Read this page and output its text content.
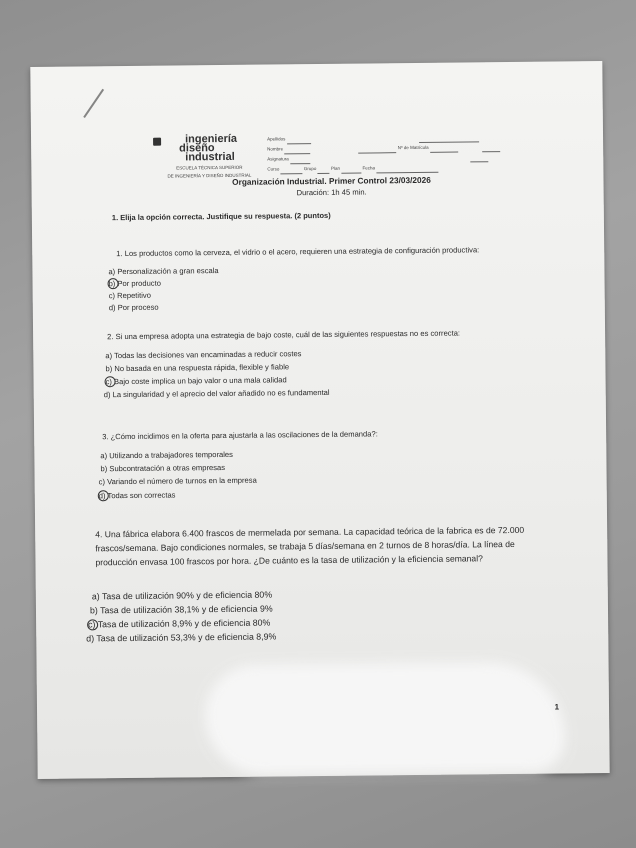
ingeniería
diseño
industrial
ESCUELA TÉCNICA SUPERIOR
DE INGENIERÍA Y DISEÑO INDUSTRIAL
Apellidos
Nombre	Nº de Matrícula
Asignatura
Curso	Grupo	Plan	Fecha
Organización Industrial. Primer Control 23/03/2026
Duración: 1h 45 min.
1. Elija la opción correcta. Justifique su respuesta. (2 puntos)
1. Los productos como la cerveza, el vidrio o el acero, requieren una estrategia de configuración productiva:
a) Personalización a gran escala
b) Por producto
c) Repetitivo
d) Por proceso
2. Si una empresa adopta una estrategia de bajo coste, cuál de las siguientes respuestas no es correcta:
a) Todas las decisiones van encaminadas a reducir costes
b) No basada en una respuesta rápida, flexible y fiable
c) Bajo coste implica un bajo valor o una mala calidad
d) La singularidad y el aprecio del valor añadido no es fundamental
3. ¿Cómo incidimos en la oferta para ajustarla a las oscilaciones de la demanda?:
a) Utilizando a trabajadores temporales
b) Subcontratación a otras empresas
c) Variando el número de turnos en la empresa
d) Todas son correctas
4. Una fábrica elabora 6.400 frascos de mermelada por semana. La capacidad teórica de la fabrica es de 72.000 frascos/semana. Bajo condiciones normales, se trabaja 5 días/semana en 2 turnos de 8 horas/día. La línea de producción envasa 100 frascos por hora. ¿De cuánto es la tasa de utilización y la eficiencia semanal?
a) Tasa de utilización 90% y de eficiencia 80%
b) Tasa de utilización 38,1% y de eficiencia 9%
c) Tasa de utilización 8,9% y de eficiencia 80%
d) Tasa de utilización 53,3% y de eficiencia 8,9%
1
